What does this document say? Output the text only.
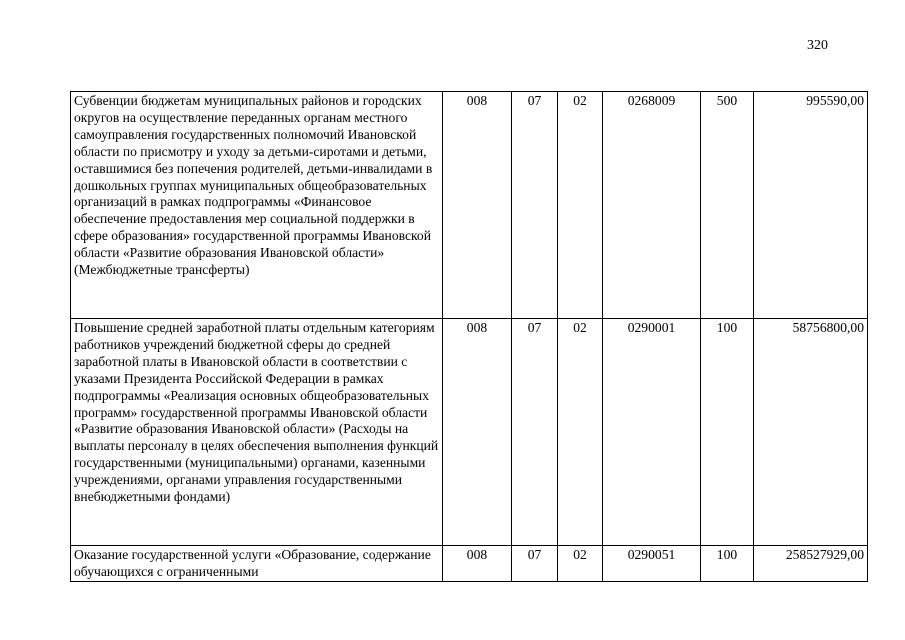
320
Субвенции бюджетам муниципальных районов и городских округов на осуществление переданных органам местного самоуправления государственных полномочий Ивановской области по присмотру и уходу за детьми-сиротами и детьми, оставшимися без попечения родителей, детьми-инвалидами в дошкольных группах муниципальных общеобразовательных организаций в рамках подпрограммы «Финансовое обеспечение предоставления мер социальной поддержки в сфере образования» государственной программы Ивановской области «Развитие образования Ивановской области» (Межбюджетные трансферты)	008	07	02	0268009	500	995590,00
Повышение средней заработной платы отдельным категориям работников учреждений бюджетной сферы до средней заработной платы в Ивановской области в соответствии с указами Президента Российской Федерации в рамках подпрограммы «Реализация основных общеобразовательных программ» государственной программы Ивановской области «Развитие образования Ивановской области» (Расходы на выплаты персоналу в целях обеспечения выполнения функций государственными (муниципальными) органами, казенными учреждениями, органами управления государственными внебюджетными фондами)	008	07	02	0290001	100	58756800,00
Оказание государственной услуги «Образование, содержание обучающихся с ограниченными	008	07	02	0290051	100	258527929,00
